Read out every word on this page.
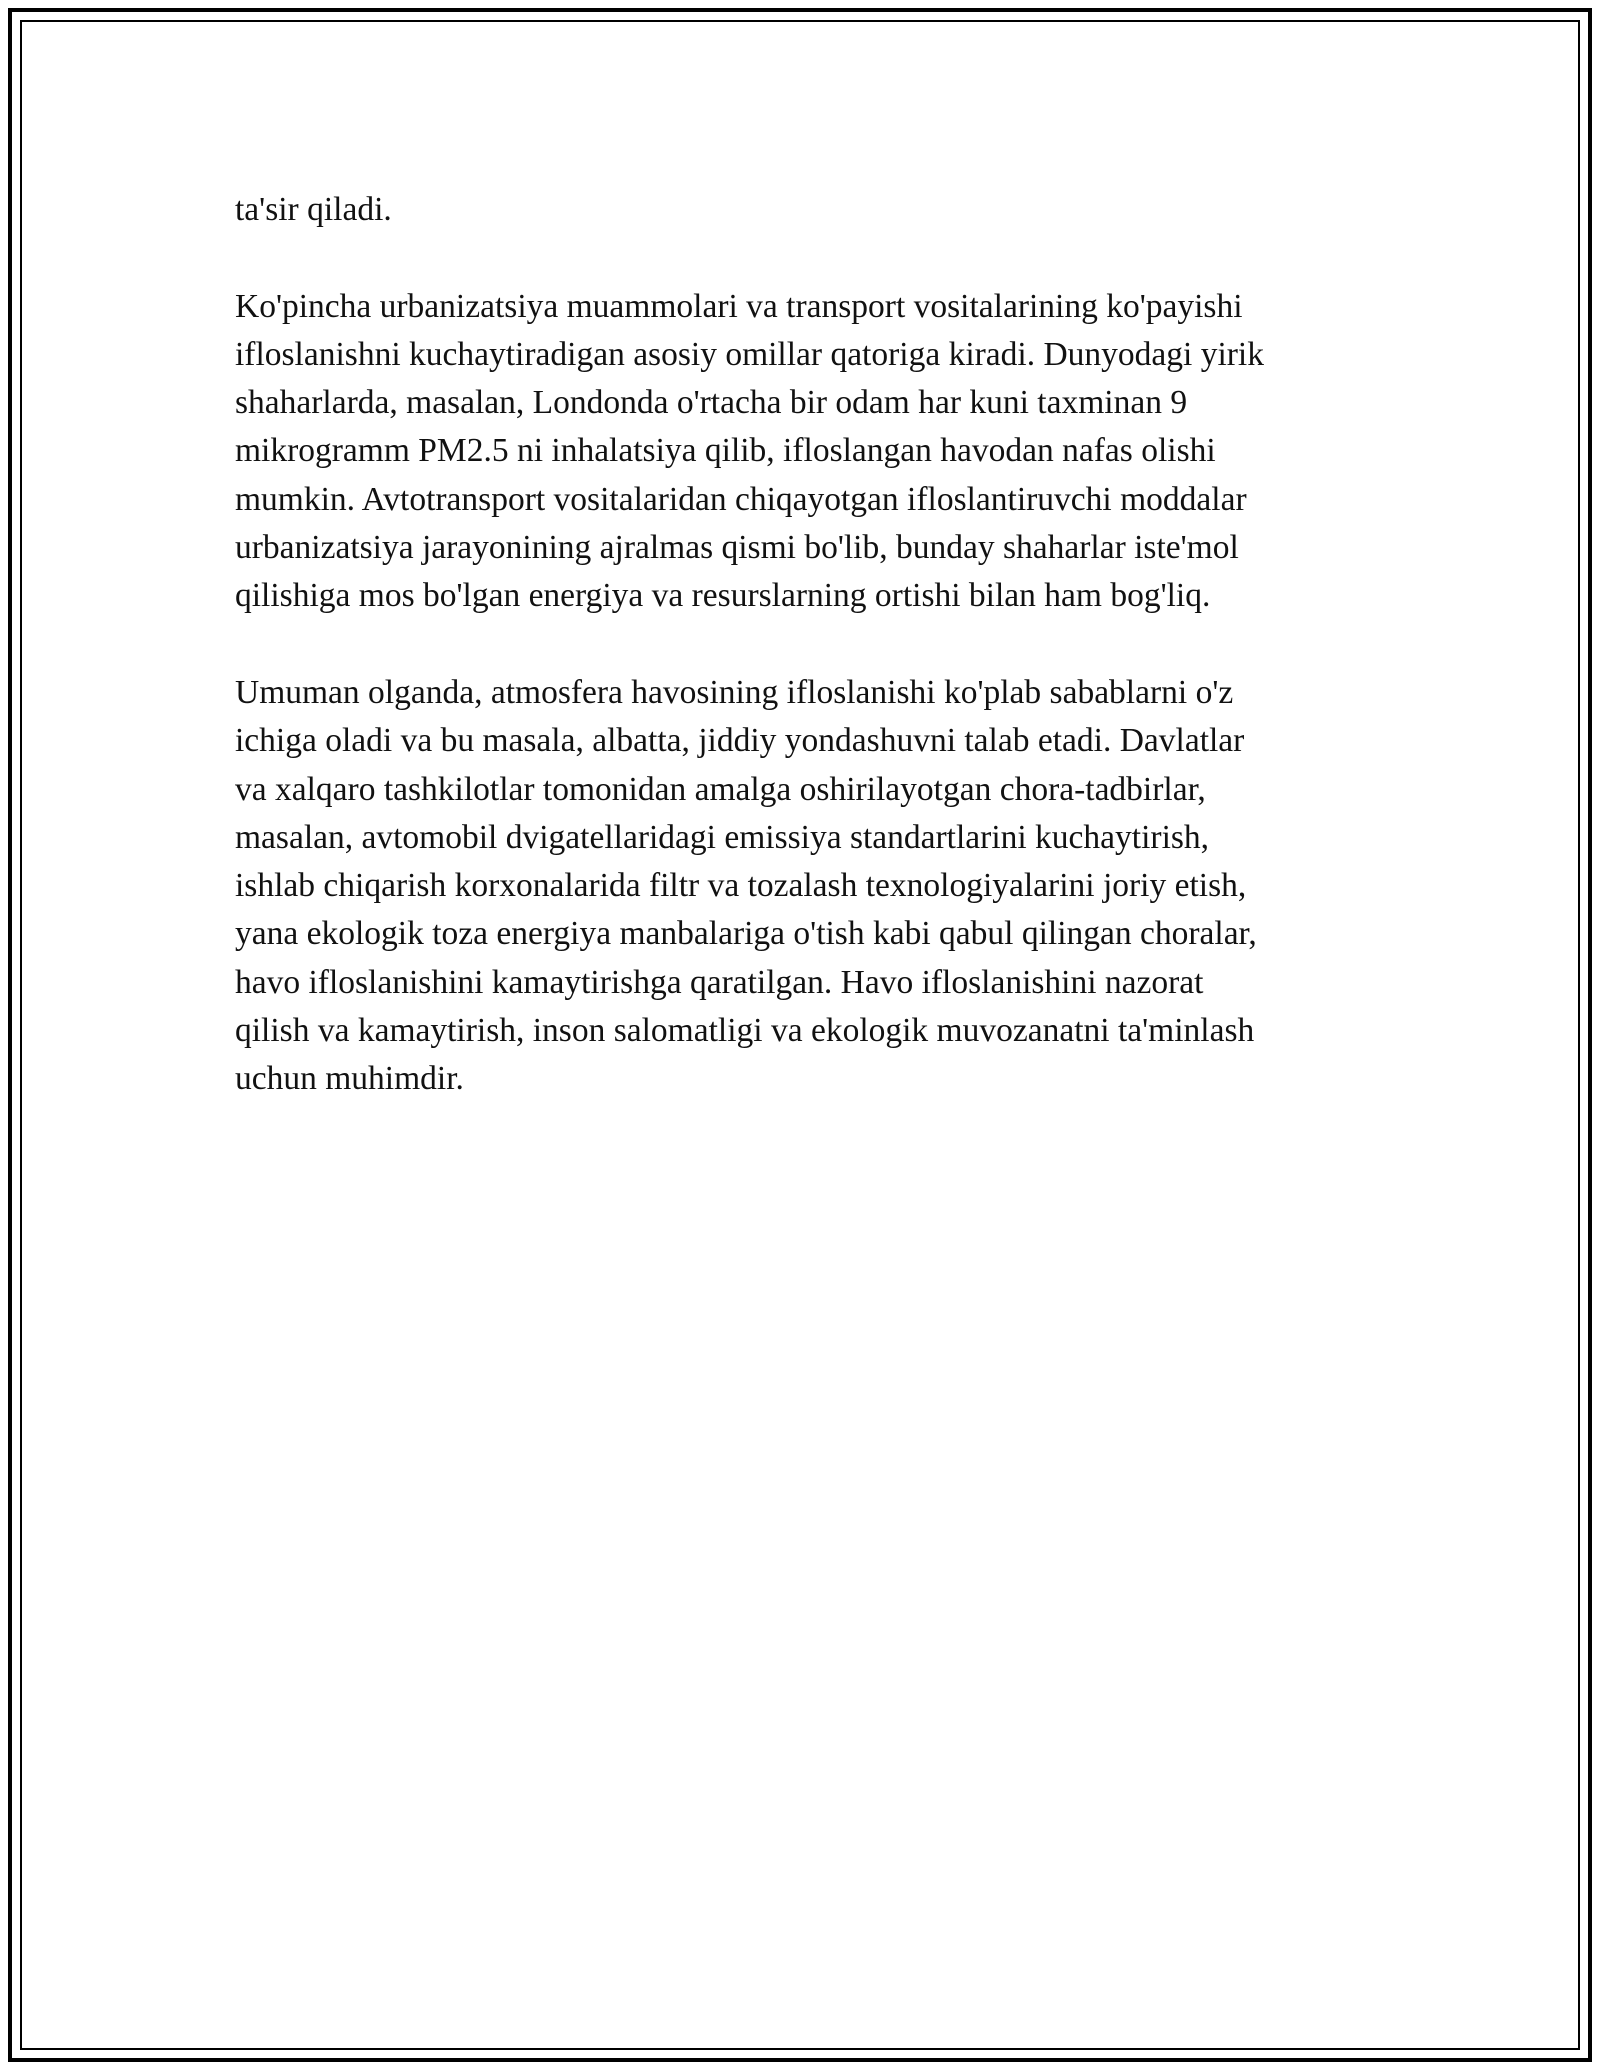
ta'sir qiladi.

Ko'pincha urbanizatsiya muammolari va transport vositalarining ko'payishi
ifloslanishni kuchaytiradigan asosiy omillar qatoriga kiradi. Dunyodagi yirik
shaharlarda, masalan, Londonda o'rtacha bir odam har kuni taxminan 9
mikrogramm PM2.5 ni inhalatsiya qilib, ifloslangan havodan nafas olishi
mumkin. Avtotransport vositalaridan chiqayotgan ifloslantiruvchi moddalar
urbanizatsiya jarayonining ajralmas qismi bo'lib, bunday shaharlar iste'mol
qilishiga mos bo'lgan energiya va resurslarning ortishi bilan ham bog'liq.

Umuman olganda, atmosfera havosining ifloslanishi ko'plab sabablarni o'z
ichiga oladi va bu masala, albatta, jiddiy yondashuvni talab etadi. Davlatlar
va xalqaro tashkilotlar tomonidan amalga oshirilayotgan chora-tadbirlar,
masalan, avtomobil dvigatellaridagi emissiya standartlarini kuchaytirish,
ishlab chiqarish korxonalarida filtr va tozalash texnologiyalarini joriy etish,
yana ekologik toza energiya manbalariga o'tish kabi qabul qilingan choralar,
havo ifloslanishini kamaytirishga qaratilgan. Havo ifloslanishini nazorat
qilish va kamaytirish, inson salomatligi va ekologik muvozanatni ta'minlash
uchun muhimdir.
